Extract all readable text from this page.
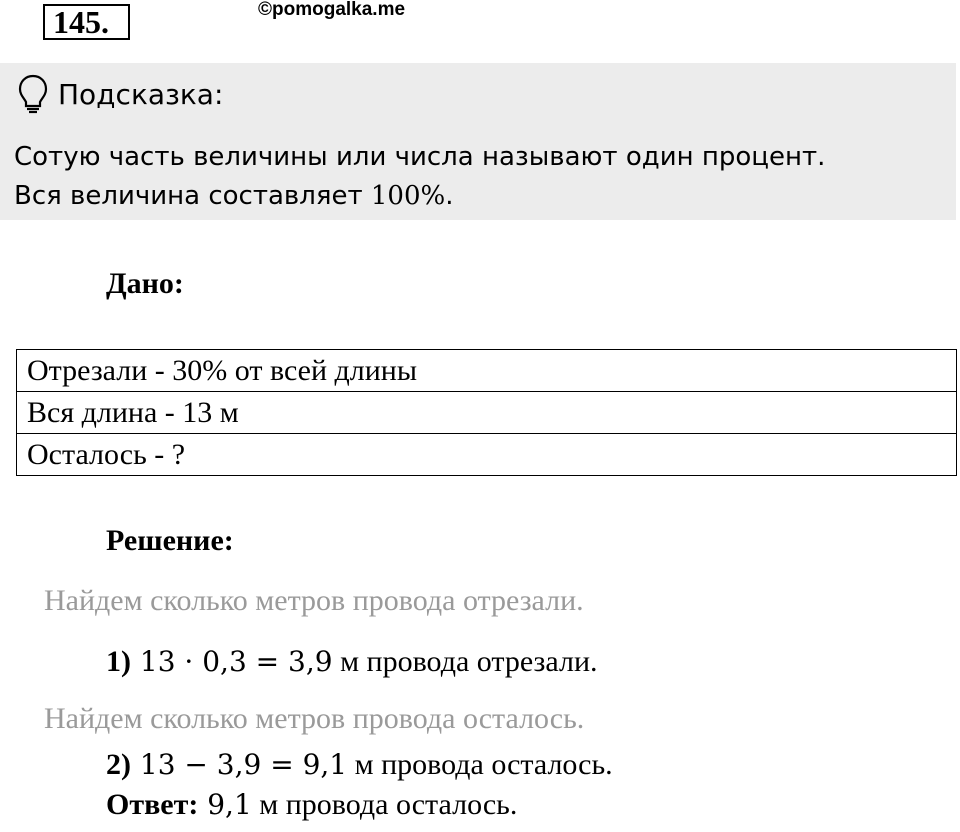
145.	©pomogalka.me
Подсказка:
Сотую часть величины или числа называют один процент.
Вся величина составляет 100%.
Дано:
Отрезали - 30% от всей длины
Вся длина - 13 м
Осталось - ?
Решение:
Найдем сколько метров провода отрезали.
1) 13 · 0,3 = 3,9 м провода отрезали.
Найдем сколько метров провода осталось.
2) 13 − 3,9 = 9,1 м провода осталось.
Ответ: 9,1 м провода осталось.
